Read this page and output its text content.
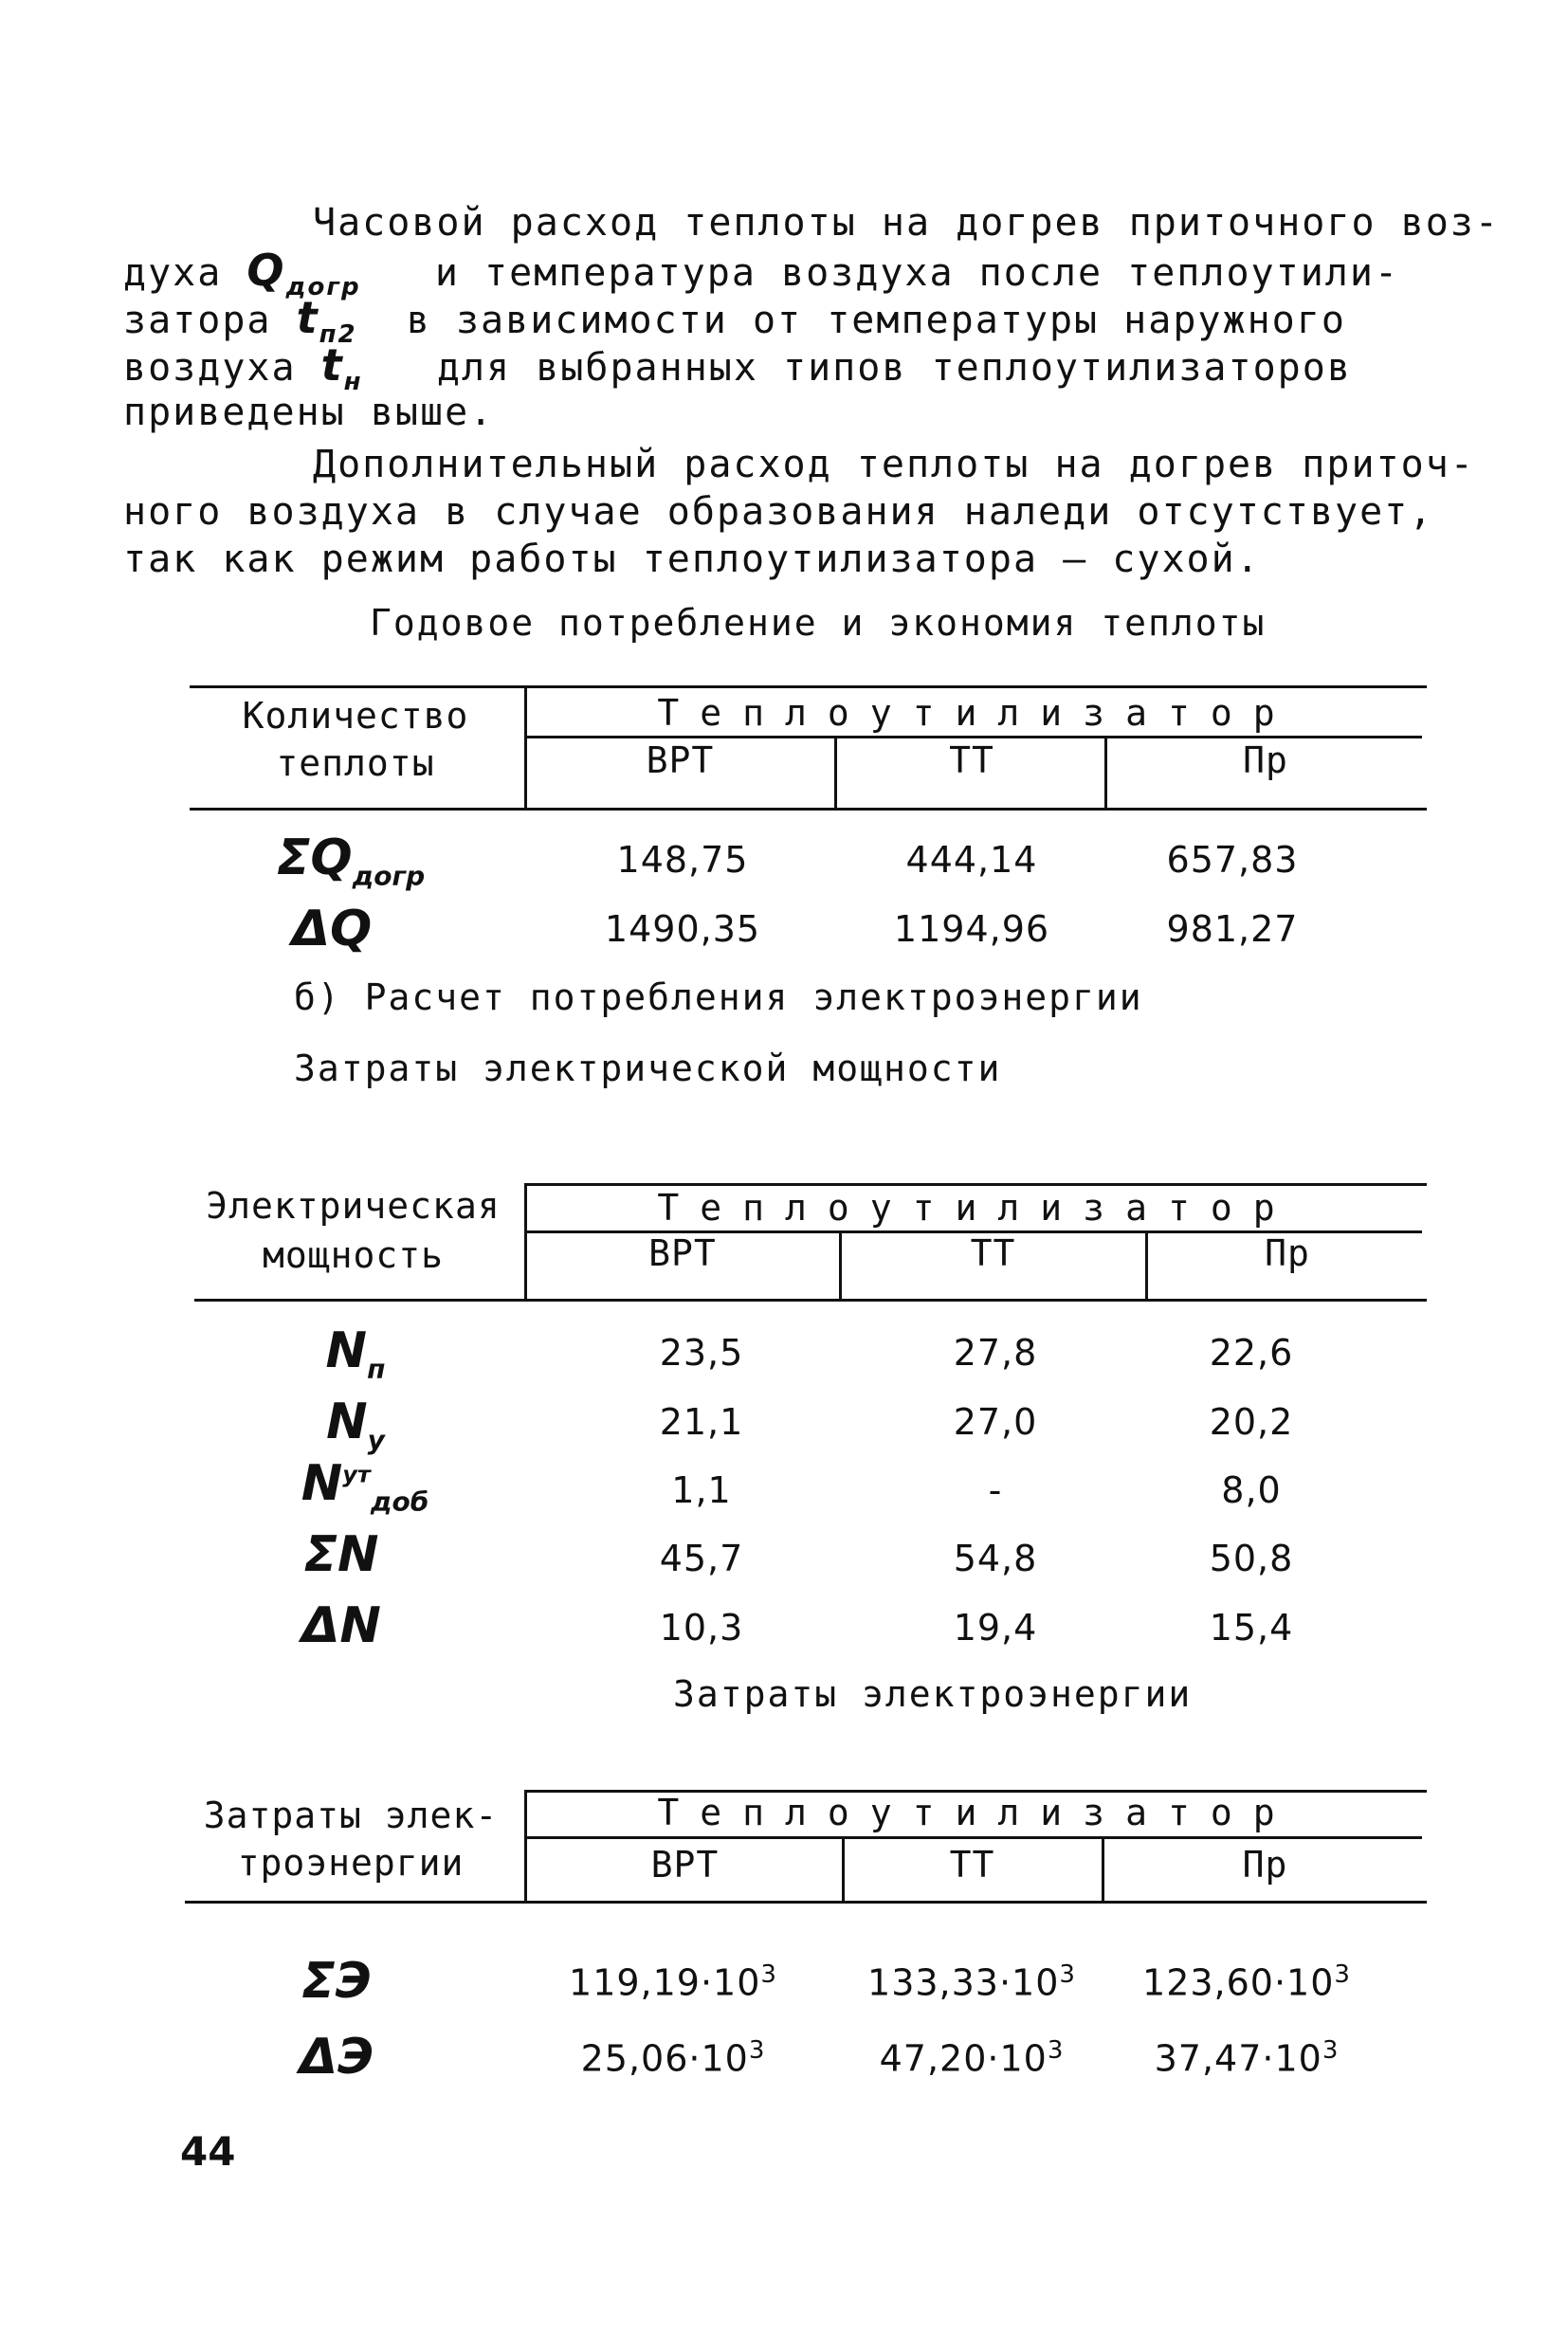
Часовой расход теплоты на догрев приточного воз-
духа $Q_{догр}$   и температура воздуха после теплоутили-
затора $t_{п2}$  в зависимости от температуры наружного
воздуха $t_н$   для выбранных типов теплоутилизаторов
приведены выше.
Дополнительный расход теплоты на догрев приточ-
ного воздуха в случае образования наледи отсутствует,
так как режим работы теплоутилизатора – сухой.
Годовое потребление и экономия теплоты
Количество
теплоты
Теплоутилизатор
ВРТ	ТТ	Пр
$\Sigma Q_{догр}$	148,75	444,14	657,83
ΔQ	1490,35	1194,96	981,27
б) Расчет потребления электроэнергии
Затраты электрической мощности
Электрическая
мощность
Теплоутилизатор
ВРТ	ТТ	Пр
$N_п$	23,5	27,8	22,6
$N_у$	21,1	27,0	20,2
$N^{ут}_{доб}$	1,1	-	8,0
ΣN	45,7	54,8	50,8
ΔN	10,3	19,4	15,4
Затраты электроэнергии
Затраты элек-
троэнергии
Теплоутилизатор
ВРТ	ТТ	Пр
ΣЭ	$119,19\cdot 10^3$	$133,33\cdot 10^3$	$123,60\cdot 10^3$
ΔЭ	$25,06\cdot 10^3$	$47,20\cdot 10^3$	$37,47\cdot 10^3$
44
